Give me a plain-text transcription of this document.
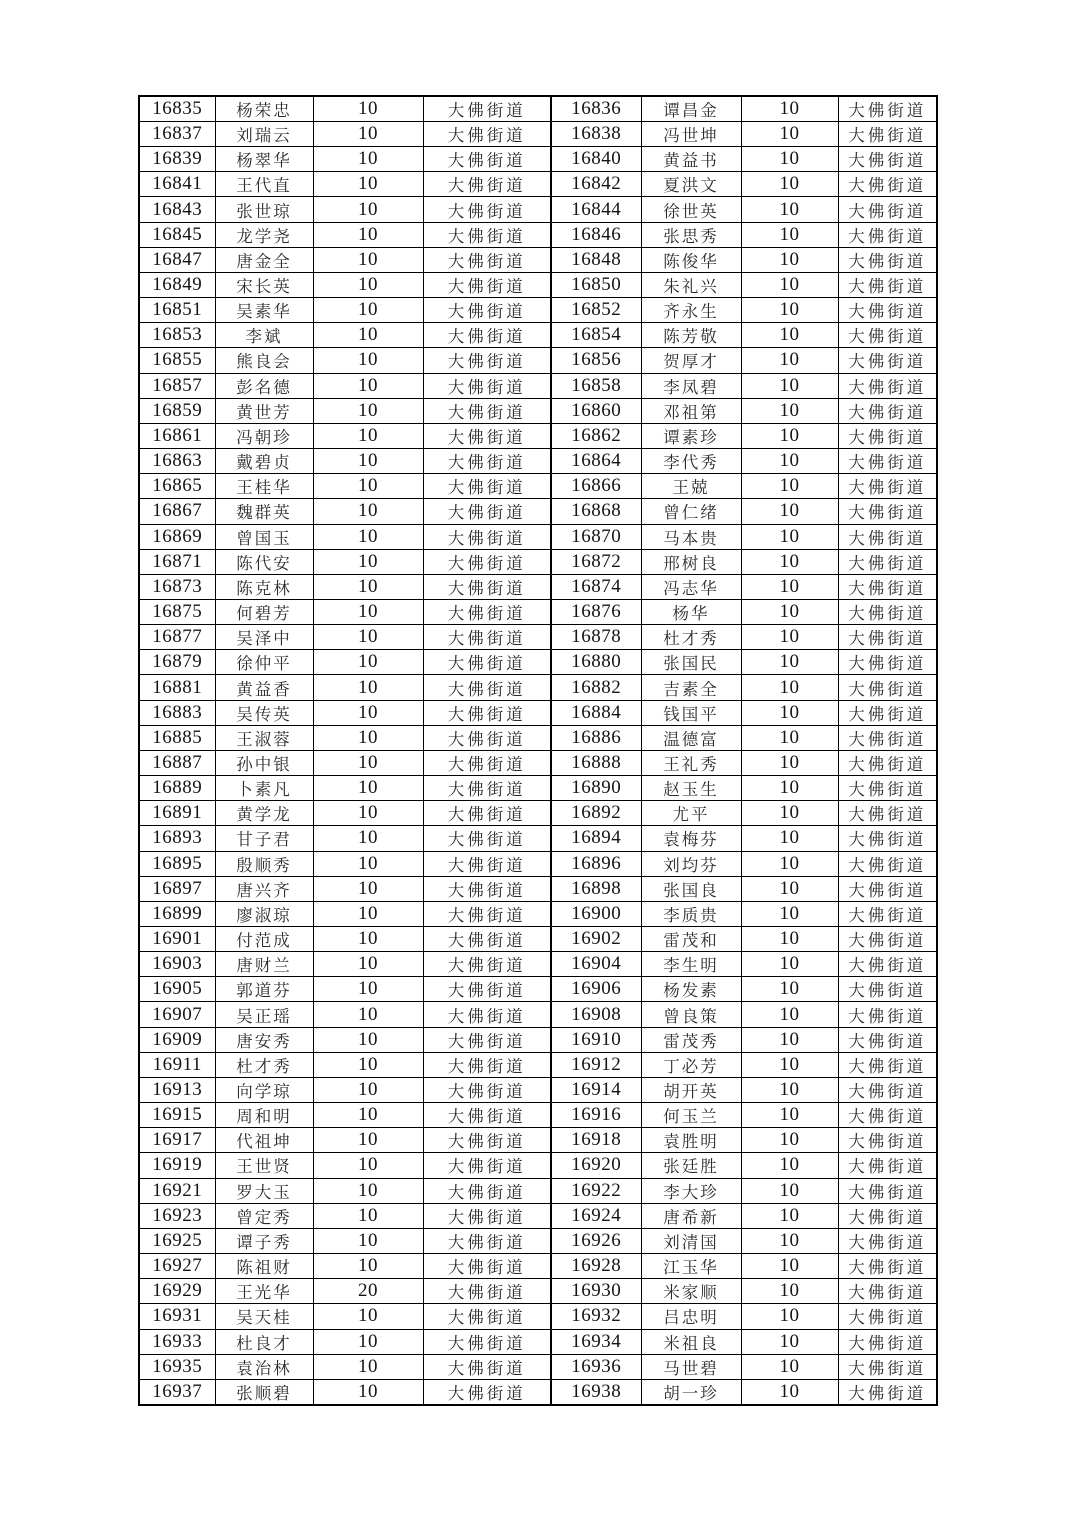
16835	杨荣忠	10	大佛街道	16836	谭昌金	10	大佛街道
16837	刘瑞云	10	大佛街道	16838	冯世坤	10	大佛街道
16839	杨翠华	10	大佛街道	16840	黄益书	10	大佛街道
16841	王代直	10	大佛街道	16842	夏洪文	10	大佛街道
16843	张世琼	10	大佛街道	16844	徐世英	10	大佛街道
16845	龙学尧	10	大佛街道	16846	张思秀	10	大佛街道
16847	唐金全	10	大佛街道	16848	陈俊华	10	大佛街道
16849	宋长英	10	大佛街道	16850	朱礼兴	10	大佛街道
16851	吴素华	10	大佛街道	16852	齐永生	10	大佛街道
16853	李斌	10	大佛街道	16854	陈芳敬	10	大佛街道
16855	熊良会	10	大佛街道	16856	贺厚才	10	大佛街道
16857	彭名德	10	大佛街道	16858	李凤碧	10	大佛街道
16859	黄世芳	10	大佛街道	16860	邓祖第	10	大佛街道
16861	冯朝珍	10	大佛街道	16862	谭素珍	10	大佛街道
16863	戴碧贞	10	大佛街道	16864	李代秀	10	大佛街道
16865	王桂华	10	大佛街道	16866	王兢	10	大佛街道
16867	魏群英	10	大佛街道	16868	曾仁绪	10	大佛街道
16869	曾国玉	10	大佛街道	16870	马本贵	10	大佛街道
16871	陈代安	10	大佛街道	16872	邢树良	10	大佛街道
16873	陈克林	10	大佛街道	16874	冯志华	10	大佛街道
16875	何碧芳	10	大佛街道	16876	杨华	10	大佛街道
16877	吴泽中	10	大佛街道	16878	杜才秀	10	大佛街道
16879	徐仲平	10	大佛街道	16880	张国民	10	大佛街道
16881	黄益香	10	大佛街道	16882	吉素全	10	大佛街道
16883	吴传英	10	大佛街道	16884	钱国平	10	大佛街道
16885	王淑蓉	10	大佛街道	16886	温德富	10	大佛街道
16887	孙中银	10	大佛街道	16888	王礼秀	10	大佛街道
16889	卜素凡	10	大佛街道	16890	赵玉生	10	大佛街道
16891	黄学龙	10	大佛街道	16892	尤平	10	大佛街道
16893	甘子君	10	大佛街道	16894	袁梅芬	10	大佛街道
16895	殷顺秀	10	大佛街道	16896	刘均芬	10	大佛街道
16897	唐兴齐	10	大佛街道	16898	张国良	10	大佛街道
16899	廖淑琼	10	大佛街道	16900	李质贵	10	大佛街道
16901	付范成	10	大佛街道	16902	雷茂和	10	大佛街道
16903	唐财兰	10	大佛街道	16904	李生明	10	大佛街道
16905	郭道芬	10	大佛街道	16906	杨发素	10	大佛街道
16907	吴正瑶	10	大佛街道	16908	曾良策	10	大佛街道
16909	唐安秀	10	大佛街道	16910	雷茂秀	10	大佛街道
16911	杜才秀	10	大佛街道	16912	丁必芳	10	大佛街道
16913	向学琼	10	大佛街道	16914	胡开英	10	大佛街道
16915	周和明	10	大佛街道	16916	何玉兰	10	大佛街道
16917	代祖坤	10	大佛街道	16918	袁胜明	10	大佛街道
16919	王世贤	10	大佛街道	16920	张廷胜	10	大佛街道
16921	罗大玉	10	大佛街道	16922	李大珍	10	大佛街道
16923	曾定秀	10	大佛街道	16924	唐希新	10	大佛街道
16925	谭子秀	10	大佛街道	16926	刘清国	10	大佛街道
16927	陈祖财	10	大佛街道	16928	江玉华	10	大佛街道
16929	王光华	20	大佛街道	16930	米家顺	10	大佛街道
16931	吴天桂	10	大佛街道	16932	吕忠明	10	大佛街道
16933	杜良才	10	大佛街道	16934	米祖良	10	大佛街道
16935	袁治林	10	大佛街道	16936	马世碧	10	大佛街道
16937	张顺碧	10	大佛街道	16938	胡一珍	10	大佛街道
